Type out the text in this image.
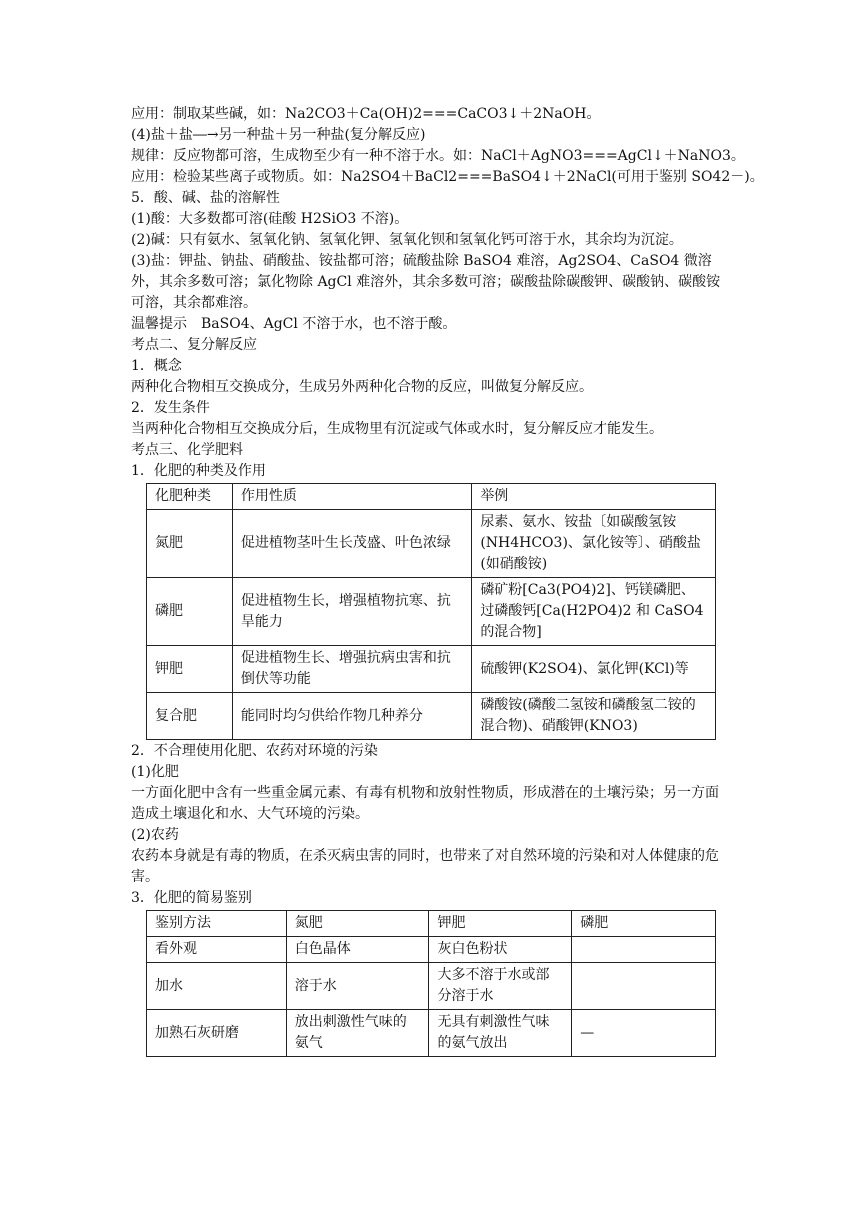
应用：制取某些碱，如：Na2CO3＋Ca(OH)2===CaCO3↓＋2NaOH。

(4)盐＋盐―→另一种盐＋另一种盐(复分解反应)

规律：反应物都可溶，生成物至少有一种不溶于水。如：NaCl＋AgNO3===AgCl↓＋NaNO3。

应用：检验某些离子或物质。如：Na2SO4＋BaCl2===BaSO4↓＋2NaCl(可用于鉴别 SO42－)。

5．酸、碱、盐的溶解性

(1)酸：大多数都可溶(硅酸 H2SiO3 不溶)。

(2)碱：只有氨水、氢氧化钠、氢氧化钾、氢氧化钡和氢氧化钙可溶于水，其余均为沉淀。

(3)盐：钾盐、钠盐、硝酸盐、铵盐都可溶；硫酸盐除 BaSO4 难溶，Ag2SO4、CaSO4 微溶外，其余多数可溶；氯化物除 AgCl 难溶外，其余多数可溶；碳酸盐除碳酸钾、碳酸钠、碳酸铵可溶，其余都难溶。

温馨提示　BaSO4、AgCl 不溶于水，也不溶于酸。

考点二、复分解反应

1．概念

两种化合物相互交换成分，生成另外两种化合物的反应，叫做复分解反应。

2．发生条件

当两种化合物相互交换成分后，生成物里有沉淀或气体或水时，复分解反应才能发生。

考点三、化学肥料

1．化肥的种类及作用

化肥种类	作用性质	举例
氮肥	促进植物茎叶生长茂盛、叶色浓绿	尿素、氨水、铵盐〔如碳酸氢铵(NH4HCO3)、氯化铵等〕、硝酸盐(如硝酸铵)
磷肥	促进植物生长，增强植物抗寒、抗旱能力	磷矿粉[Ca3(PO4)2]、钙镁磷肥、过磷酸钙[Ca(H2PO4)2 和 CaSO4 的混合物]
钾肥	促进植物生长、增强抗病虫害和抗倒伏等功能	硫酸钾(K2SO4)、氯化钾(KCl)等
复合肥	能同时均匀供给作物几种养分	磷酸铵(磷酸二氢铵和磷酸氢二铵的混合物)、硝酸钾(KNO3)

2．不合理使用化肥、农药对环境的污染

(1)化肥

一方面化肥中含有一些重金属元素、有毒有机物和放射性物质，形成潜在的土壤污染；另一方面造成土壤退化和水、大气环境的污染。

(2)农药

农药本身就是有毒的物质，在杀灭病虫害的同时，也带来了对自然环境的污染和对人体健康的危害。

3．化肥的简易鉴别

鉴别方法	氮肥	钾肥	磷肥
看外观	白色晶体	灰白色粉状	
加水	溶于水	大多不溶于水或部分溶于水	
加熟石灰研磨	放出刺激性气味的氨气	无具有刺激性气味的氨气放出	—
